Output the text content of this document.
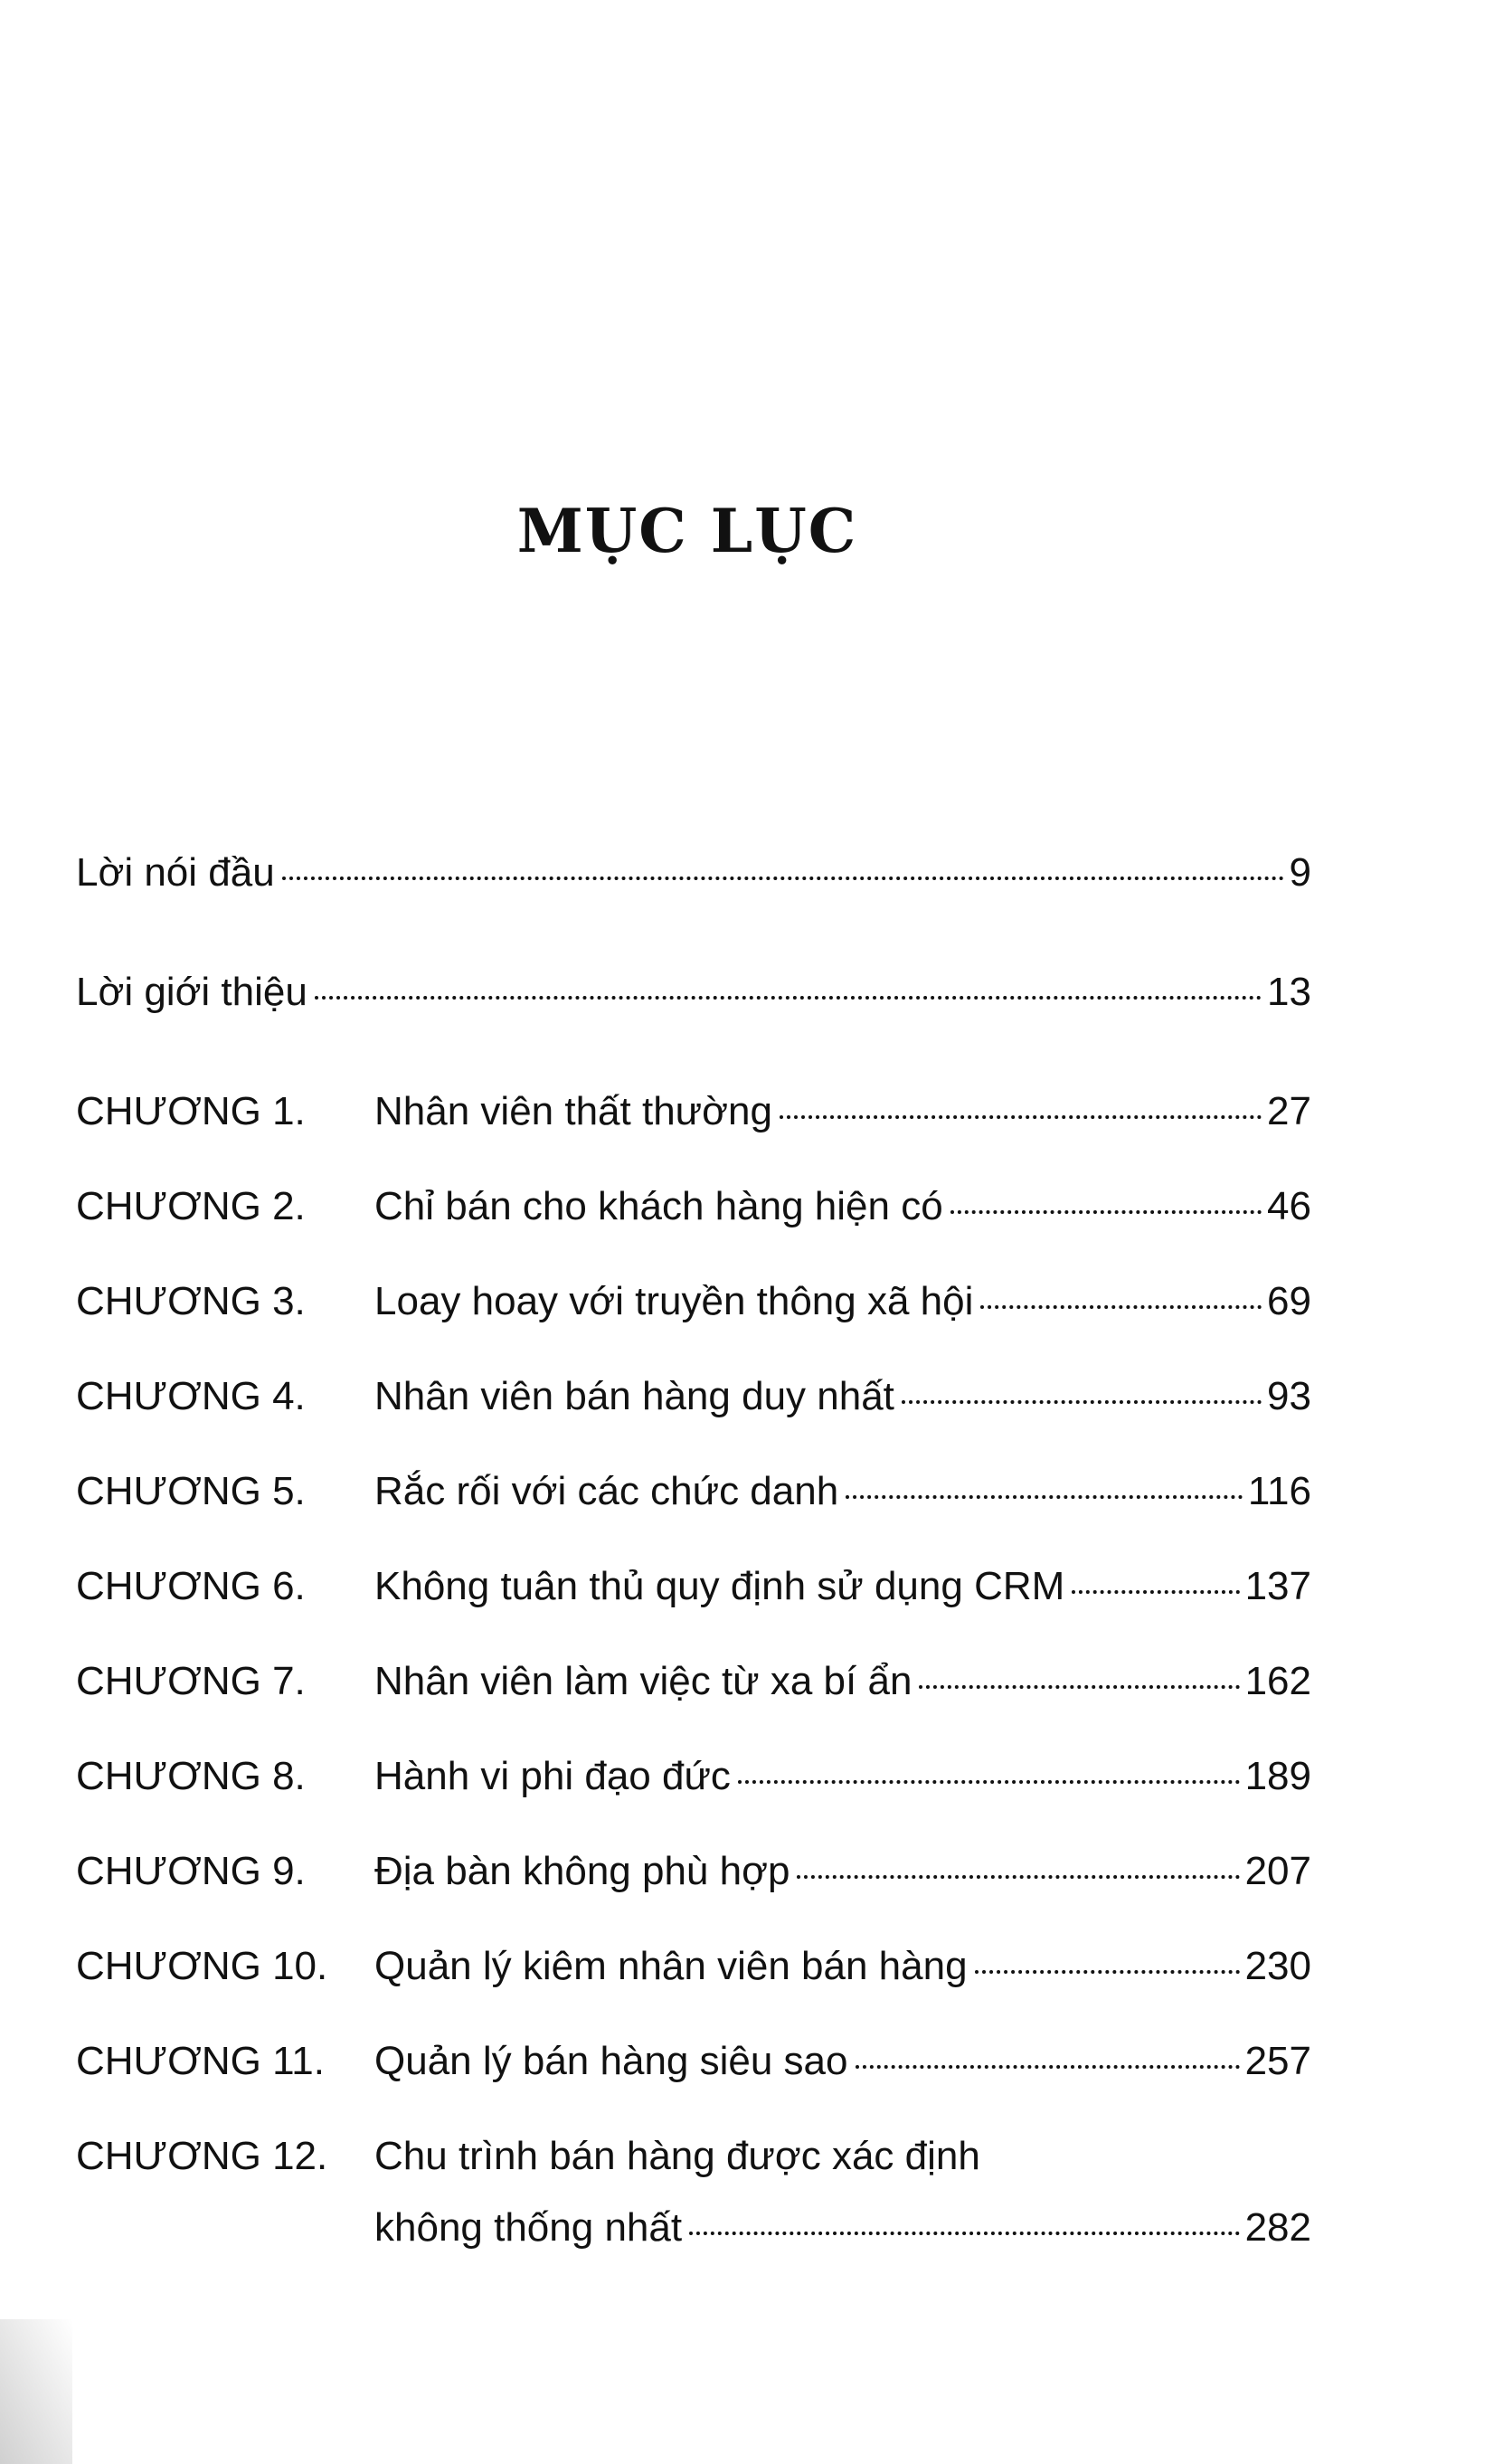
MỤC LỤC
Lời nói đầu	9
Lời giới thiệu	13
CHƯƠNG 1.	Nhân viên thất thường	27
CHƯƠNG 2.	Chỉ bán cho khách hàng hiện có	46
CHƯƠNG 3.	Loay hoay với truyền thông xã hội	69
CHƯƠNG 4.	Nhân viên bán hàng duy nhất	93
CHƯƠNG 5.	Rắc rối với các chức danh	116
CHƯƠNG 6.	Không tuân thủ quy định sử dụng CRM	137
CHƯƠNG 7.	Nhân viên làm việc từ xa bí ẩn	162
CHƯƠNG 8.	Hành vi phi đạo đức	189
CHƯƠNG 9.	Địa bàn không phù hợp	207
CHƯƠNG 10.	Quản lý kiêm nhân viên bán hàng	230
CHƯƠNG 11.	Quản lý bán hàng siêu sao	257
CHƯƠNG 12.	Chu trình bán hàng được xác định
không thống nhất	282
